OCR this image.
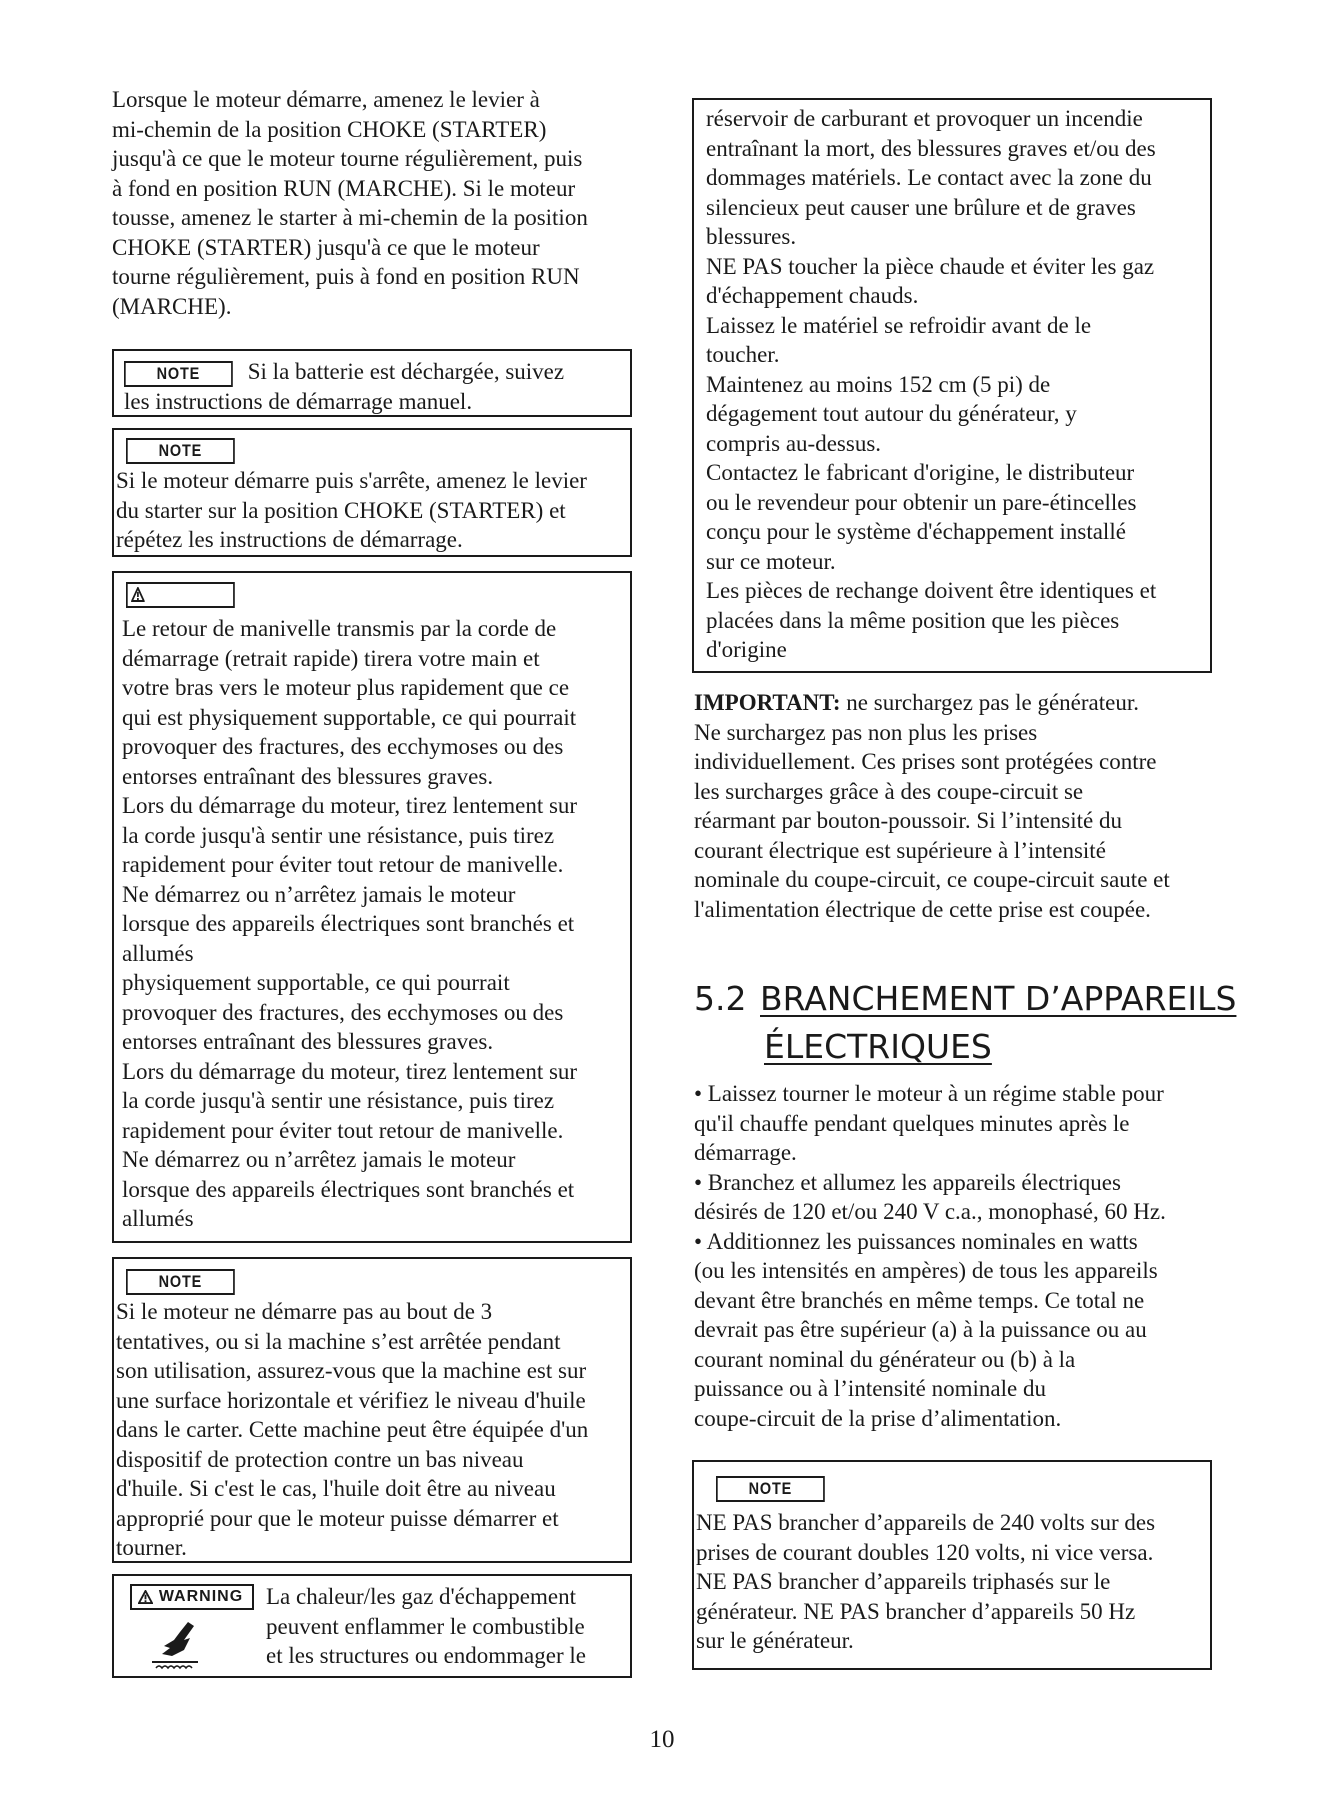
Lorsque le moteur démarre, amenez le levier à
mi-chemin de la position CHOKE (STARTER)
jusqu'à ce que le moteur tourne régulièrement, puis
à fond en position RUN (MARCHE). Si le moteur
tousse, amenez le starter à mi-chemin de la position
CHOKE (STARTER) jusqu'à ce que le moteur
tourne régulièrement, puis à fond en position RUN
(MARCHE).
NOTE Si la batterie est déchargée, suivez
les instructions de démarrage manuel.
NOTE
Si le moteur démarre puis s'arrête, amenez le levier
du starter sur la position CHOKE (STARTER) et
répétez les instructions de démarrage.
Le retour de manivelle transmis par la corde de
démarrage (retrait rapide) tirera votre main et
votre bras vers le moteur plus rapidement que ce
qui est physiquement supportable, ce qui pourrait
provoquer des fractures, des ecchymoses ou des
entorses entraînant des blessures graves.
Lors du démarrage du moteur, tirez lentement sur
la corde jusqu'à sentir une résistance, puis tirez
rapidement pour éviter tout retour de manivelle.
Ne démarrez ou n’arrêtez jamais le moteur
lorsque des appareils électriques sont branchés et
allumés
physiquement supportable, ce qui pourrait
provoquer des fractures, des ecchymoses ou des
entorses entraînant des blessures graves.
Lors du démarrage du moteur, tirez lentement sur
la corde jusqu'à sentir une résistance, puis tirez
rapidement pour éviter tout retour de manivelle.
Ne démarrez ou n’arrêtez jamais le moteur
lorsque des appareils électriques sont branchés et
allumés
NOTE
Si le moteur ne démarre pas au bout de 3
tentatives, ou si la machine s’est arrêtée pendant
son utilisation, assurez-vous que la machine est sur
une surface horizontale et vérifiez le niveau d'huile
dans le carter. Cette machine peut être équipée d'un
dispositif de protection contre un bas niveau
d'huile. Si c'est le cas, l'huile doit être au niveau
approprié pour que le moteur puisse démarrer et
tourner.
WARNING La chaleur/les gaz d'échappement
peuvent enflammer le combustible
et les structures ou endommager le
réservoir de carburant et provoquer un incendie
entraînant la mort, des blessures graves et/ou des
dommages matériels. Le contact avec la zone du
silencieux peut causer une brûlure et de graves
blessures.
NE PAS toucher la pièce chaude et éviter les gaz
d'échappement chauds.
Laissez le matériel se refroidir avant de le
toucher.
Maintenez au moins 152 cm (5 pi) de
dégagement tout autour du générateur, y
compris au-dessus.
Contactez le fabricant d'origine, le distributeur
ou le revendeur pour obtenir un pare-étincelles
conçu pour le système d'échappement installé
sur ce moteur.
Les pièces de rechange doivent être identiques et
placées dans la même position que les pièces
d'origine
IMPORTANT: ne surchargez pas le générateur.
Ne surchargez pas non plus les prises
individuellement. Ces prises sont protégées contre
les surcharges grâce à des coupe-circuit se
réarmant par bouton-poussoir. Si l’intensité du
courant électrique est supérieure à l’intensité
nominale du coupe-circuit, ce coupe-circuit saute et
l'alimentation électrique de cette prise est coupée.
5.2 BRANCHEMENT D’APPAREILS
ÉLECTRIQUES
• Laissez tourner le moteur à un régime stable pour
qu'il chauffe pendant quelques minutes après le
démarrage.
• Branchez et allumez les appareils électriques
désirés de 120 et/ou 240 V c.a., monophasé, 60 Hz.
• Additionnez les puissances nominales en watts
(ou les intensités en ampères) de tous les appareils
devant être branchés en même temps. Ce total ne
devrait pas être supérieur (a) à la puissance ou au
courant nominal du générateur ou (b) à la
puissance ou à l’intensité nominale du
coupe-circuit de la prise d’alimentation.
NOTE
NE PAS brancher d’appareils de 240 volts sur des
prises de courant doubles 120 volts, ni vice versa.
NE PAS brancher d’appareils triphasés sur le
générateur. NE PAS brancher d’appareils 50 Hz
sur le générateur.
10
